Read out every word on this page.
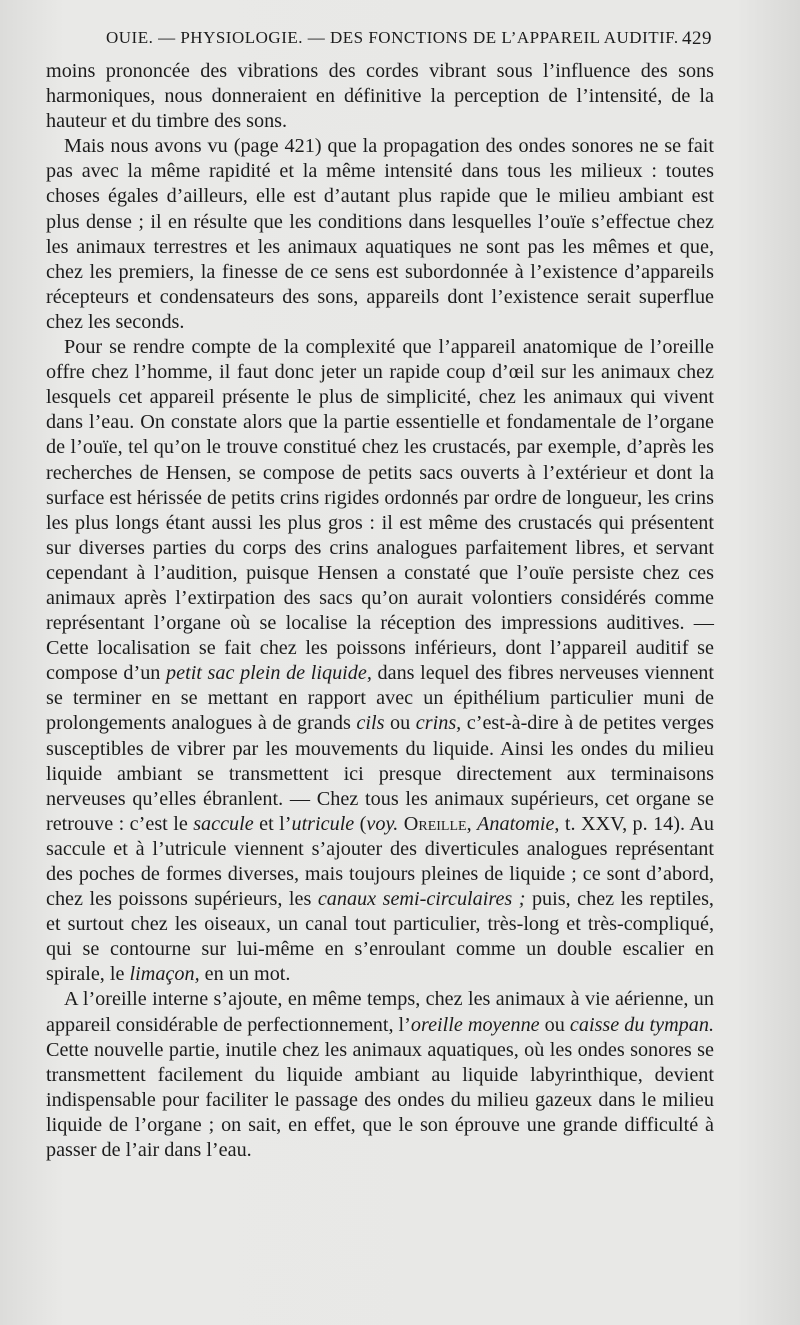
OUIE. — PHYSIOLOGIE. — DES FONCTIONS DE L’APPAREIL AUDITIF. 429

moins prononcée des vibrations des cordes vibrant sous l’influence des sons harmoniques, nous donneraient en définitive la perception de l’intensité, de la hauteur et du timbre des sons.

Mais nous avons vu (page 421) que la propagation des ondes sonores ne se fait pas avec la même rapidité et la même intensité dans tous les milieux : toutes choses égales d’ailleurs, elle est d’autant plus rapide que le milieu ambiant est plus dense ; il en résulte que les conditions dans lesquelles l’ouïe s’effectue chez les animaux terrestres et les animaux aquatiques ne sont pas les mêmes et que, chez les premiers, la finesse de ce sens est subordonnée à l’existence d’appareils récepteurs et condensateurs des sons, appareils dont l’existence serait superflue chez les seconds.

Pour se rendre compte de la complexité que l’appareil anatomique de l’oreille offre chez l’homme, il faut donc jeter un rapide coup d’œil sur les animaux chez lesquels cet appareil présente le plus de simplicité, chez les animaux qui vivent dans l’eau. On constate alors que la partie essentielle et fondamentale de l’organe de l’ouïe, tel qu’on le trouve constitué chez les crustacés, par exemple, d’après les recherches de Hensen, se compose de petits sacs ouverts à l’extérieur et dont la surface est hérissée de petits crins rigides ordonnés par ordre de longueur, les crins les plus longs étant aussi les plus gros : il est même des crustacés qui présentent sur diverses parties du corps des crins analogues parfaitement libres, et servant cependant à l’audition, puisque Hensen a constaté que l’ouïe persiste chez ces animaux après l’extirpation des sacs qu’on aurait volontiers considérés comme représentant l’organe où se localise la réception des impressions auditives. — Cette localisation se fait chez les poissons inférieurs, dont l’appareil auditif se compose d’un petit sac plein de liquide, dans lequel des fibres nerveuses viennent se terminer en se mettant en rapport avec un épithélium particulier muni de prolongements analogues à de grands cils ou crins, c’est-à-dire à de petites verges susceptibles de vibrer par les mouvements du liquide. Ainsi les ondes du milieu liquide ambiant se transmettent ici presque directement aux terminaisons nerveuses qu’elles ébranlent. — Chez tous les animaux supérieurs, cet organe se retrouve : c’est le saccule et l’utricule (voy. Oreille, Anatomie, t. XXV, p. 14). Au saccule et à l’utricule viennent s’ajouter des diverticules analogues représentant des poches de formes diverses, mais toujours pleines de liquide ; ce sont d’abord, chez les poissons supérieurs, les canaux semi-circulaires ; puis, chez les reptiles, et surtout chez les oiseaux, un canal tout particulier, très-long et très-compliqué, qui se contourne sur lui-même en s’enroulant comme un double escalier en spirale, le limaçon, en un mot.

A l’oreille interne s’ajoute, en même temps, chez les animaux à vie aérienne, un appareil considérable de perfectionnement, l’oreille moyenne ou caisse du tympan. Cette nouvelle partie, inutile chez les animaux aquatiques, où les ondes sonores se transmettent facilement du liquide ambiant au liquide labyrinthique, devient indispensable pour faciliter le passage des ondes du milieu gazeux dans le milieu liquide de l’organe ; on sait, en effet, que le son éprouve une grande difficulté à passer de l’air dans l’eau.
